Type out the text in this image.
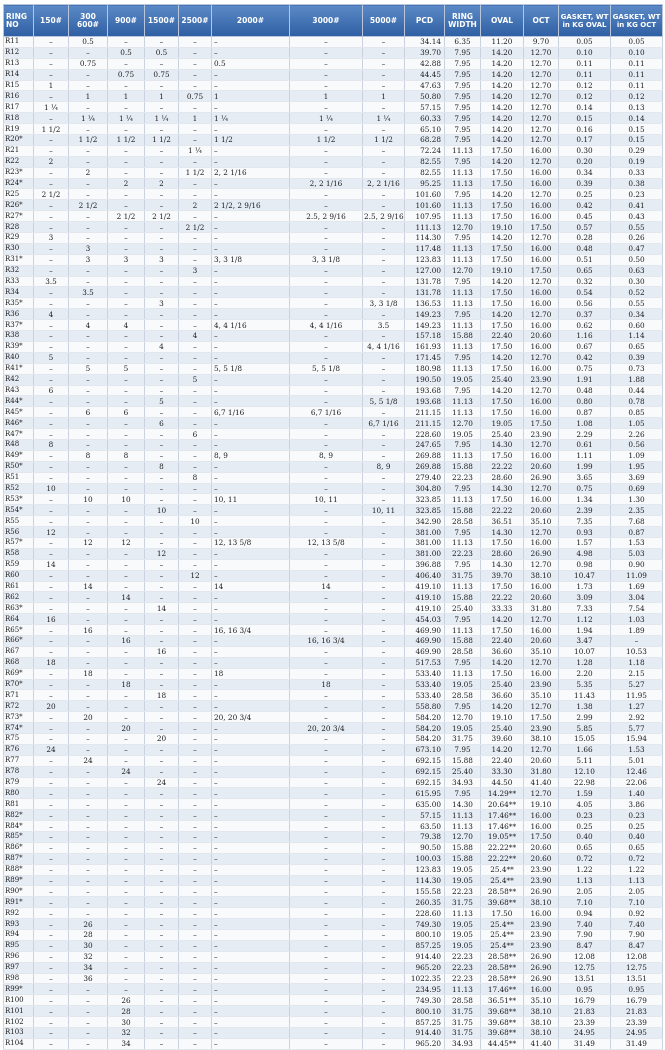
RING NO	150#	300 600#	900#	1500#	2500#	2000#	3000#	5000#	PCD	RING WIDTH	OVAL	OCT	GASKET, WT in KG OVAL	GASKET, WT in KG OCT
R11	–	0.5	–	–	–	–	–	–	34.14	6.35	11.20	9.70	0.05	0.05
R12	–	–	0.5	0.5	–	–	–	–	39.70	7.95	14.20	12.70	0.10	0.10
R13	–	0.75	–	–	–	0.5	–	–	42.88	7.95	14.20	12.70	0.11	0.11
R14	–	–	0.75	0.75	–	–	–	–	44.45	7.95	14.20	12.70	0.11	0.11
R15	1	–	–	–	–	–	–	–	47.63	7.95	14.20	12.70	0.12	0.11
R16	–	1	1	1	0.75	1	1	1	50.80	7.95	14.20	12.70	0.12	0.12
R17	1 ¼	–	–	–	–	–	–	–	57.15	7.95	14.20	12.70	0.14	0.13
R18	–	1 ¼	1 ¼	1 ¼	1	1 ¼	1 ¼	1 ¼	60.33	7.95	14.20	12.70	0.15	0.14
R19	1 1/2	–	–	–	–	–	–	–	65.10	7.95	14.20	12.70	0.16	0.15
R20*	–	1 1/2	1 1/2	1 1/2	–	1 1/2	1 1/2	1 1/2	68.28	7.95	14.20	12.70	0.17	0.15
R21	–	–	–	–	1 ¼	–	–	–	72.24	11.13	17.50	16.00	0.30	0.29
R22	2	–	–	–	–	–	–	–	82.55	7.95	14.20	12.70	0.20	0.19
R23*	–	2	–	–	1 1/2	2, 2 1/16	–	–	82.55	11.13	17.50	16.00	0.34	0.33
R24*	–	–	2	2	–	–	2, 2 1/16	2, 2 1/16	95.25	11.13	17.50	16.00	0.39	0.38
R25	2 1/2	–	–	–	–	–	–	–	101.60	7.95	14.20	12.70	0.25	0.23
R26*	–	2 1/2	–	–	2	2 1/2, 2 9/16	–	–	101.60	11.13	17.50	16.00	0.42	0.41
R27*	–	–	2 1/2	2 1/2	–	–	2.5, 2 9/16	2.5, 2 9/16	107.95	11.13	17.50	16.00	0.45	0.43
R28	–	–	–	–	2 1/2	–	–	–	111.13	12.70	19.10	17.50	0.57	0.55
R29	3	–	–	–	–	–	–	–	114.30	7.95	14.20	12.70	0.28	0.26
R30	–	3	–	–	–	–	–	–	117.48	11.13	17.50	16.00	0.48	0.47
R31*	–	3	3	3	–	3, 3 1/8	3, 3 1/8	–	123.83	11.13	17.50	16.00	0.51	0.50
R32	–	–	–	–	3	–	–	–	127.00	12.70	19.10	17.50	0.65	0.63
R33	3.5	–	–	–	–	–	–	–	131.78	7.95	14.20	12.70	0.32	0.30
R34	–	3.5	–	–	–	–	–	–	131.78	11.13	17.50	16.00	0.54	0.52
R35*	–	–	–	3	–	–	–	3, 3 1/8	136.53	11.13	17.50	16.00	0.56	0.55
R36	4	–	–	–	–	–	–	–	149.23	7.95	14.20	12.70	0.37	0.34
R37*	–	4	4	–	–	4, 4 1/16	4, 4 1/16	3.5	149.23	11.13	17.50	16.00	0.62	0.60
R38	–	–	–	–	4	–	–	–	157.18	15.88	22.40	20.60	1.16	1.14
R39*	–	–	–	4	–	–	–	4, 4 1/16	161.93	11.13	17.50	16.00	0.67	0.65
R40	5	–	–	–	–	–	–	–	171.45	7.95	14.20	12.70	0.42	0.39
R41*	–	5	5	–	–	5, 5 1/8	5, 5 1/8	–	180.98	11.13	17.50	16.00	0.75	0.73
R42	–	–	–	–	5	–	–	–	190.50	19.05	25.40	23.90	1.91	1.88
R43	6	–	–	–	–	–	–	–	193.68	7.95	14.20	12.70	0.48	0.44
R44*	–	–	–	5	–	–	–	5, 5 1/8	193.68	11.13	17.50	16.00	0.80	0.78
R45*	–	6	6	–	–	6,7 1/16	6,7 1/16	–	211.15	11.13	17.50	16.00	0.87	0.85
R46*	–	–	–	6	–	–	–	6,7 1/16	211.15	12.70	19.05	17.50	1.08	1.05
R47*	–	–	–	–	6	–	–	–	228.60	19.05	25.40	23.90	2.29	2.26
R48	8	–	–	–	–	–	–	–	247.65	7.95	14.30	12.70	0.61	0.56
R49*	–	8	8	–	–	8, 9	8, 9	–	269.88	11.13	17.50	16.00	1.11	1.09
R50*	–	–	–	8	–	–	–	8, 9	269.88	15.88	22.22	20.60	1.99	1.95
R51	–	–	–	–	8	–	–	–	279.40	22.23	28.60	26.90	3.65	3.69
R52	10	–	–	–	–	–	–	–	304.80	7.95	14.30	12.70	0.75	0.69
R53*	–	10	10	–	–	10, 11	10, 11	–	323.85	11.13	17.50	16.00	1.34	1.30
R54*	–	–	–	10	–	–	–	10, 11	323.85	15.88	22.22	20.60	2.39	2.35
R55	–	–	–	–	10	–	–	–	342.90	28.58	36.51	35.10	7.35	7.68
R56	12	–	–	–	–	–	–	–	381.00	7.95	14.30	12.70	0.93	0.87
R57*	–	12	12	–	–	12, 13 5/8	12, 13 5/8	–	381.00	11.13	17.50	16.00	1.57	1.53
R58	–	–	–	12	–	–	–	–	381.00	22.23	28.60	26.90	4.98	5.03
R59	14	–	–	–	–	–	–	–	396.88	7.95	14.30	12.70	0.98	0.90
R60	–	–	–	–	12	–	–	–	406.40	31.75	39.70	38.10	10.47	11.09
R61	–	14	–	–	–	14	14	–	419.10	11.13	17.50	16.00	1.73	1.69
R62	–	–	14	–	–	–	–	–	419.10	15.88	22.22	20.60	3.09	3.04
R63*	–	–	–	14	–	–	–	–	419.10	25.40	33.33	31.80	7.33	7.54
R64	16	–	–	–	–	–	–	–	454.03	7.95	14.20	12.70	1.12	1.03
R65*	–	16	–	–	–	16, 16 3/4	–	–	469.90	11.13	17.50	16.00	1.94	1.89
R66*	–	–	16	–	–	–	16, 16 3/4	–	469.90	15.88	22.40	20.60	3.47	–
R67	–	–	–	16	–	–	–	–	469.90	28.58	36.60	35.10	10.07	10.53
R68	18	–	–	–	–	–	–	–	517.53	7.95	14.20	12.70	1.28	1.18
R69*	–	18	–	–	–	18	–	–	533.40	11.13	17.50	16.00	2.20	2.15
R70*	–	–	18	–	–	–	18	–	533.40	19.05	25.40	23.90	5.35	5.27
R71	–	–	–	18	–	–	–	–	533.40	28.58	36.60	35.10	11.43	11.95
R72	20	–	–	–	–	–	–	–	558.80	7.95	14.20	12.70	1.38	1.27
R73*	–	20	–	–	–	20, 20 3/4	–	–	584.20	12.70	19.10	17.50	2.99	2.92
R74*	–	–	20	–	–	–	20, 20 3/4	–	584.20	19.05	25.40	23.90	5.85	5.77
R75	–	–	–	20	–	–	–	–	584.20	31.75	39.60	38.10	15.05	15.94
R76	24	–	–	–	–	–	–	–	673.10	7.95	14.20	12.70	1.66	1.53
R77	–	24	–	–	–	–	–	–	692.15	15.88	22.40	20.60	5.11	5.01
R78	–	–	24	–	–	–	–	–	692.15	25.40	33.30	31.80	12.10	12.46
R79	–	–	–	24	–	–	–	–	692.15	34.93	44.50	41.40	22.98	22.06
R80	–	–	–	–	–	–	–	–	615.95	7.95	14.29**	12.70	1.59	1.40
R81	–	–	–	–	–	–	–	–	635.00	14.30	20.64**	19.10	4.05	3.86
R82*	–	–	–	–	–	–	–	–	57.15	11.13	17.46**	16.00	0.23	0.23
R84*	–	–	–	–	–	–	–	–	63.50	11.13	17.46**	16.00	0.25	0.25
R85*	–	–	–	–	–	–	–	–	79.38	12.70	19.05**	17.50	0.40	0.40
R86*	–	–	–	–	–	–	–	–	90.50	15.88	22.22**	20.60	0.65	0.65
R87*	–	–	–	–	–	–	–	–	100.03	15.88	22.22**	20.60	0.72	0.72
R88*	–	–	–	–	–	–	–	–	123.83	19.05	25.4**	23.90	1.22	1.22
R89*	–	–	–	–	–	–	–	–	114.30	19.05	25.4**	23.90	1.13	1.13
R90*	–	–	–	–	–	–	–	–	155.58	22.23	28.58**	26.90	2.05	2.05
R91*	–	–	–	–	–	–	–	–	260.35	31.75	39.68**	38.10	7.10	7.10
R92	–	–	–	–	–	–	–	–	228.60	11.13	17.50	16.00	0.94	0.92
R93	–	26	–	–	–	–	–	–	749.30	19.05	25.4**	23.90	7.40	7.40
R94	–	28	–	–	–	–	–	–	800.10	19.05	25.4**	23.90	7.90	7.90
R95	–	30	–	–	–	–	–	–	857.25	19.05	25.4**	23.90	8.47	8.47
R96	–	32	–	–	–	–	–	–	914.40	22.23	28.58**	26.90	12.08	12.08
R97	–	34	–	–	–	–	–	–	965.20	22.23	28.58**	26.90	12.75	12.75
R98	–	36	–	–	–	–	–	–	1022.35	22.23	28.58**	26.90	13.51	13.51
R99*	–	–	–	–	–	–	–	–	234.95	11.13	17.46**	16.00	0.95	0.95
R100	–	–	26	–	–	–	–	–	749.30	28.58	36.51**	35.10	16.79	16.79
R101	–	–	28	–	–	–	–	–	800.10	31.75	39.68**	38.10	21.83	21.83
R102	–	–	30	–	–	–	–	–	857.25	31.75	39.68**	38.10	23.39	23.39
R103	–	–	32	–	–	–	–	–	914.40	31.75	39.68**	38.10	24.95	24.95
R104	–	–	34	–	–	–	–	–	965.20	34.93	44.45**	41.40	31.49	31.49
